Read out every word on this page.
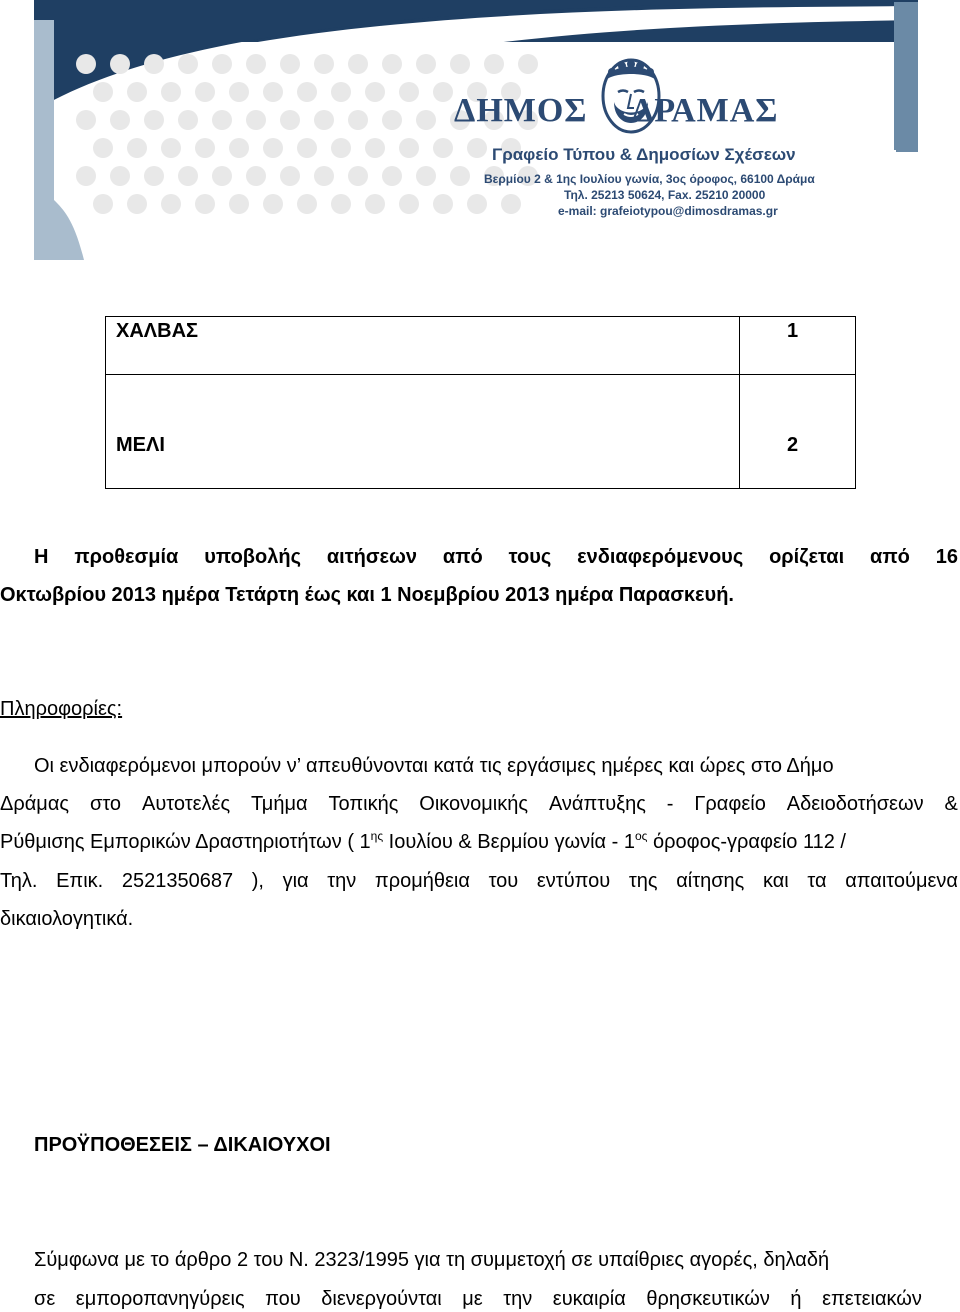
ΔΗΜΟΣ ΔΡΑΜΑΣ
Γραφείο Τύπου & Δημοσίων Σχέσεων
Βερμίου 2 & 1ης Ιουλίου γωνία, 3ος όροφος, 66100 Δράμα
Τηλ. 25213 50624, Fax. 25210 20000
e-mail: grafeiotypou@dimosdramas.gr
ΧΑΛΒΑΣ	1
ΜΕΛΙ	2
Η προθεσμία υποβολής αιτήσεων από τους ενδιαφερόμενους ορίζεται από 16
Οκτωβρίου 2013 ημέρα Τετάρτη έως και 1 Νοεμβρίου 2013 ημέρα Παρασκευή.
Πληροφορίες:
Οι ενδιαφερόμενοι μπορούν ν’ απευθύνονται κατά τις εργάσιμες ημέρες και ώρες στο Δήμο
Δράμας στο Αυτοτελές Τμήμα Τοπικής Οικονομικής Ανάπτυξης - Γραφείο Αδειοδοτήσεων &
Ρύθμισης Εμπορικών Δραστηριοτήτων ( $1^{\eta\varsigma}$ Ιουλίου & Βερμίου γωνία - $1^{o\varsigma}$ όροφος-γραφείο 112 /
Τηλ. Επικ. 2521350687 ), για την προμήθεια του εντύπου της αίτησης και τα απαιτούμενα
δικαιολογητικά.
ΠΡΟΫΠΟΘΕΣΕΙΣ – ΔΙΚΑΙΟΥΧΟΙ
Σύμφωνα με το άρθρο 2 του Ν. 2323/1995 για τη συμμετοχή σε υπαίθριες αγορές, δηλαδή
σε εμποροπανηγύρεις που διενεργούνται με την ευκαιρία θρησκευτικών ή επετειακών
